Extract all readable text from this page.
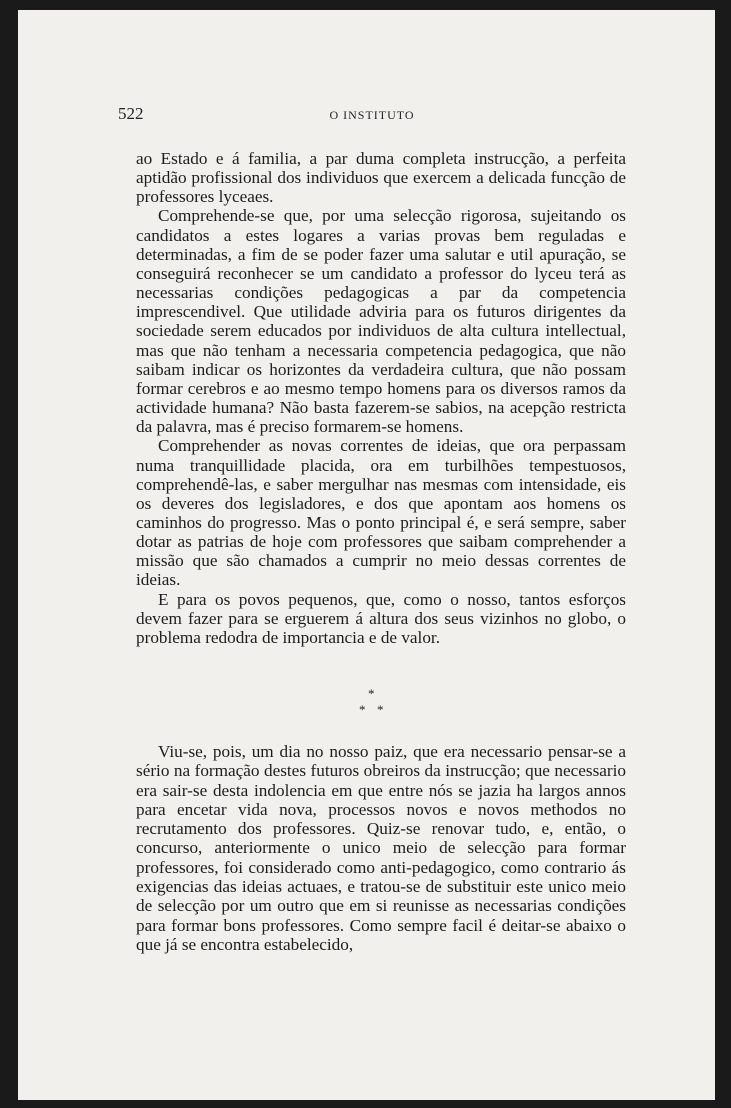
522	O INSTITUTO

ao Estado e á familia, a par duma completa instrucção, a perfeita aptidão profissional dos individuos que exercem a delicada funcção de professores lyceaes.

Comprehende-se que, por uma selecção rigorosa, sujeitando os candidatos a estes logares a varias provas bem reguladas e determinadas, a fim de se poder fazer uma salutar e util apuração, se conseguirá reconhecer se um candidato a professor do lyceu terá as necessarias condições pedagogicas a par da competencia imprescendivel. Que utilidade adviria para os futuros dirigentes da sociedade serem educados por individuos de alta cultura intellectual, mas que não tenham a necessaria competencia pedagogica, que não saibam indicar os horizontes da verdadeira cultura, que não possam formar cerebros e ao mesmo tempo homens para os diversos ramos da actividade humana? Não basta fazerem-se sabios, na acepção restricta da palavra, mas é preciso formarem-se homens.

Comprehender as novas correntes de ideias, que ora perpassam numa tranquillidade placida, ora em turbilhões tempestuosos, comprehendê-las, e saber mergulhar nas mesmas com intensidade, eis os deveres dos legisladores, e dos que apontam aos homens os caminhos do progresso. Mas o ponto principal é, e será sempre, saber dotar as patrias de hoje com professores que saibam comprehender a missão que são chamados a cumprir no meio dessas correntes de ideias.

E para os povos pequenos, que, como o nosso, tantos esforços devem fazer para se erguerem á altura dos seus vizinhos no globo, o problema redodra de importancia e de valor.

*
* *

Viu-se, pois, um dia no nosso paiz, que era necessario pensar-se a sério na formação destes futuros obreiros da instrucção; que necessario era sair-se desta indolencia em que entre nós se jazia ha largos annos para encetar vida nova, processos novos e novos methodos no recrutamento dos professores. Quiz-se renovar tudo, e, então, o concurso, anteriormente o unico meio de selecção para formar professores, foi considerado como anti-pedagogico, como contrario ás exigencias das ideias actuaes, e tratou-se de substituir este unico meio de selecção por um outro que em si reunisse as necessarias condições para formar bons professores. Como sempre facil é deitar-se abaixo o que já se encontra estabelecido,
